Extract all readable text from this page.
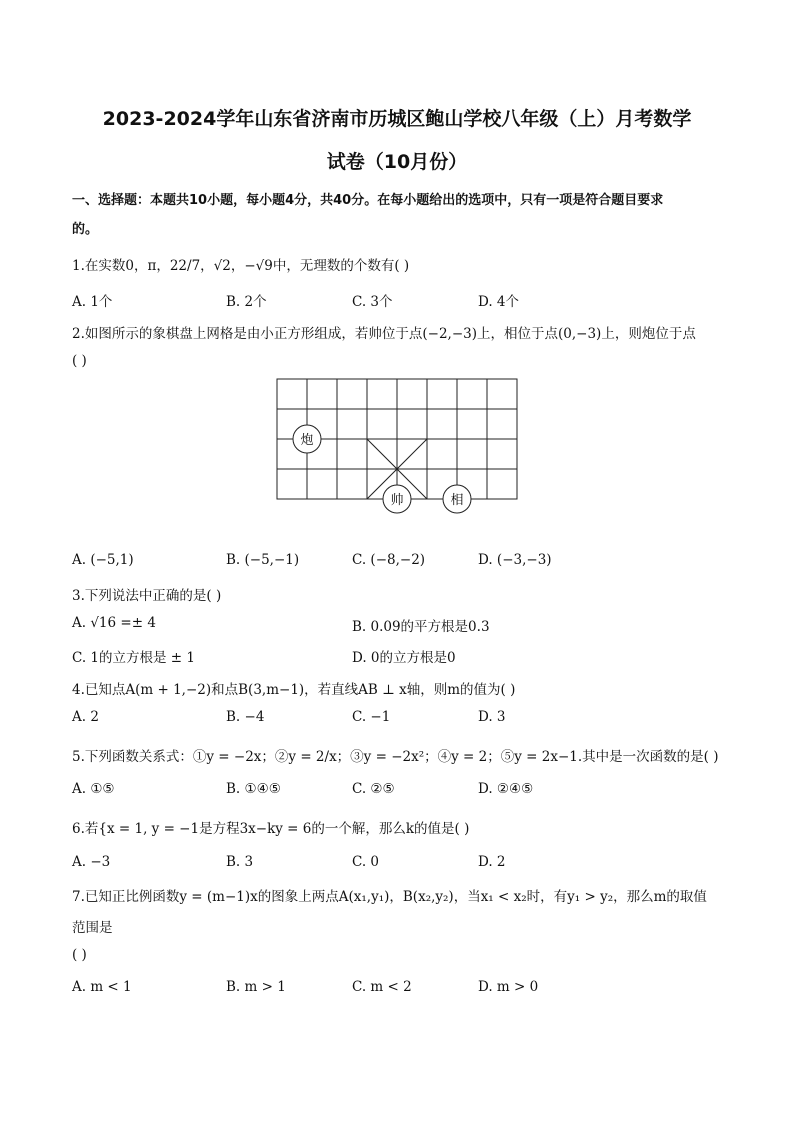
2023-2024学年山东省济南市历城区鲍山学校八年级（上）月考数学
试卷（10月份）
一、选择题：本题共10小题，每小题4分，共40分。在每小题给出的选项中，只有一项是符合题目要求
的。
1.在实数0，π，22/7，√2，−√9中，无理数的个数有( )
A. 1个	B. 2个	C. 3个	D. 4个
2.如图所示的象棋盘上网格是由小正方形组成，若帅位于点(−2,−3)上，相位于点(0,−3)上，则炮位于点
( )
炮
帅	相
A. (−5,1)	B. (−5,−1)	C. (−8,−2)	D. (−3,−3)
3.下列说法中正确的是( )
A. √16 =± 4	B. 0.09的平方根是0.3
C. 1的立方根是 ± 1	D. 0的立方根是0
4.已知点A(m + 1,−2)和点B(3,m−1)，若直线AB ⊥ x轴，则m的值为( )
A. 2	B. −4	C. −1	D. 3
5.下列函数关系式：①y = −2x；②y = 2/x；③y = −2x²；④y = 2；⑤y = 2x−1.其中是一次函数的是( )
A. ①⑤	B. ①④⑤	C. ②⑤	D. ②④⑤
6.若{x = 1, y = −1是方程3x−ky = 6的一个解，那么k的值是( )
A. −3	B. 3	C. 0	D. 2
7.已知正比例函数y = (m−1)x的图象上两点A(x₁,y₁)，B(x₂,y₂)，当x₁ < x₂时，有y₁ > y₂，那么m的取值
范围是
( )
A. m < 1	B. m > 1	C. m < 2	D. m > 0
